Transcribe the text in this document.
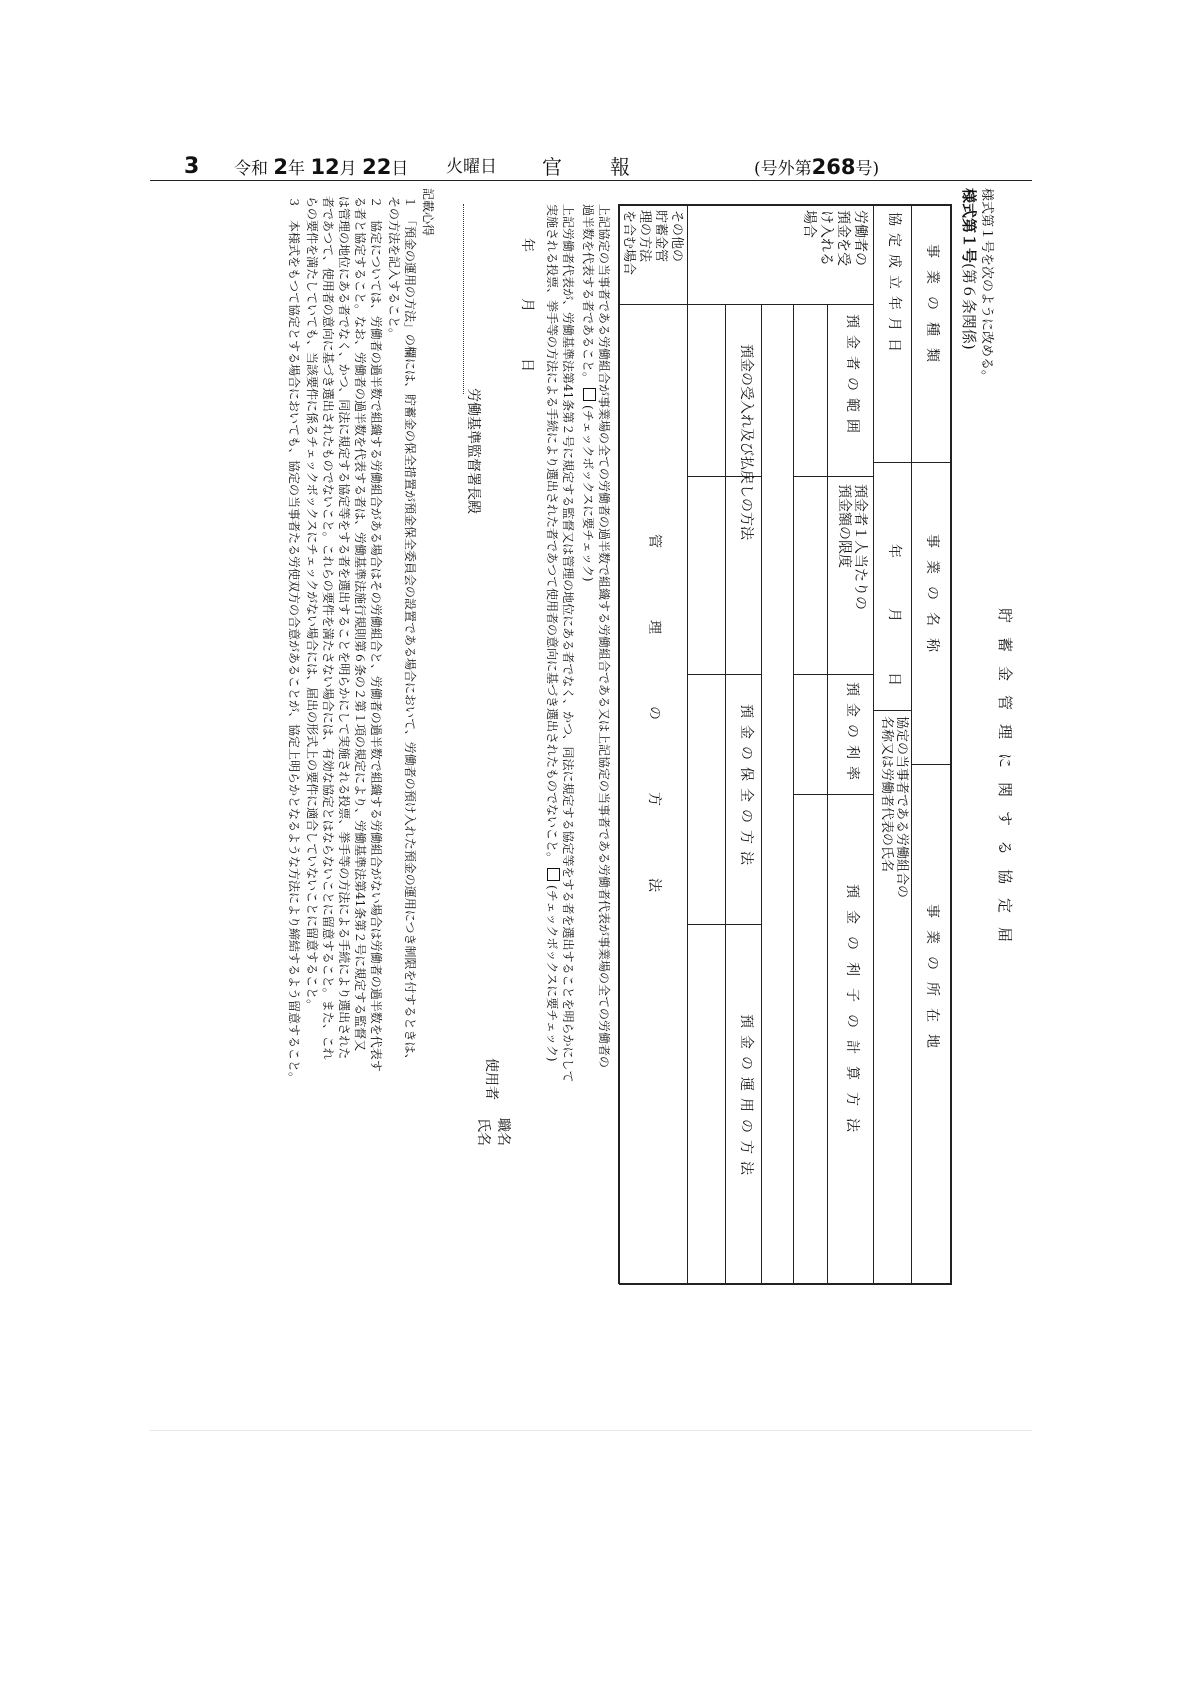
3 令和 2年 12月 22日 火曜日 官報	(号外第268号)
様式第１号を次のように改める。
様式第１号(第６条関係)
貯蓄金管理に関する協定届
事業の種類
事業の名称
事業の所在地
協定成立年月日
年　月　日
協定の当事者である労働組合の
名称又は労働者代表の氏名
労働者の
預金を受
け入れる
場合
預金者の範囲
預金者１人当たりの
預金額の限度
預金の利率
預金の利子の計算方法
預金の受入れ及び払戻しの方法
預金の保全の方法
預金の運用の方法
その他の
貯蓄金管
理の方法
を合む場合
管理の方法
上記協定の当事者である労働組合が事業場の全ての労働者の過半数で組織する労働組合である又は上記協定の当事者である労働者代表が事業場の全ての労働者の
過半数を代表する者であること。(チェックボックスに要チェック)
上記労働者代表が、労働基準法第41条第２号に規定する監督又は管理の地位にある者でなく、かつ、同法に規定する協定等をする者を選出することを明らかにして
実施される投票、挙手等の方法による手続により選出された者であつて使用者の意向に基づき選出されたものでないこと。(チェックボックスに要チェック)
年　　月　　日
使用者
職名
氏名
労働基準監督署長殿
記載心得
１　「預金の運用の方法」の欄には、貯蓄金の保全措置が預金保全委員会の設置である場合において、労働者の預け入れた預金の運用につき制限を付するときは、
その方法を記入すること。
２　協定については、労働者の過半数で組織する労働組合がある場合はその労働組合と、労働者の過半数で組織する労働組合がない場合は労働者の過半数を代表す
る者と協定すること。なお、労働者の過半数を代表する者は、労働基準法施行規則第６条の２第１項の規定により、労働基準法第41条第２号に規定する監督又
は管理の地位にある者でなく、かつ、同法に規定する協定等をする者を選出することを明らかにして実施される投票、挙手等の方法による手続により選出された
者であつて、使用者の意向に基づき選出されたものでないこと。これらの要件を満たさない場合には、有効な協定とはならないことに留意すること。また、これ
らの要件を満たしていても、当該要件に係るチェックボックスにチェックがない場合には、届出の形式上の要件に適合していないことに留意すること。
３　本様式をもつて協定とする場合においても、協定の当事者たる労使双方の合意があることが、協定上明らかとなるような方法により締結するよう留意すること。
